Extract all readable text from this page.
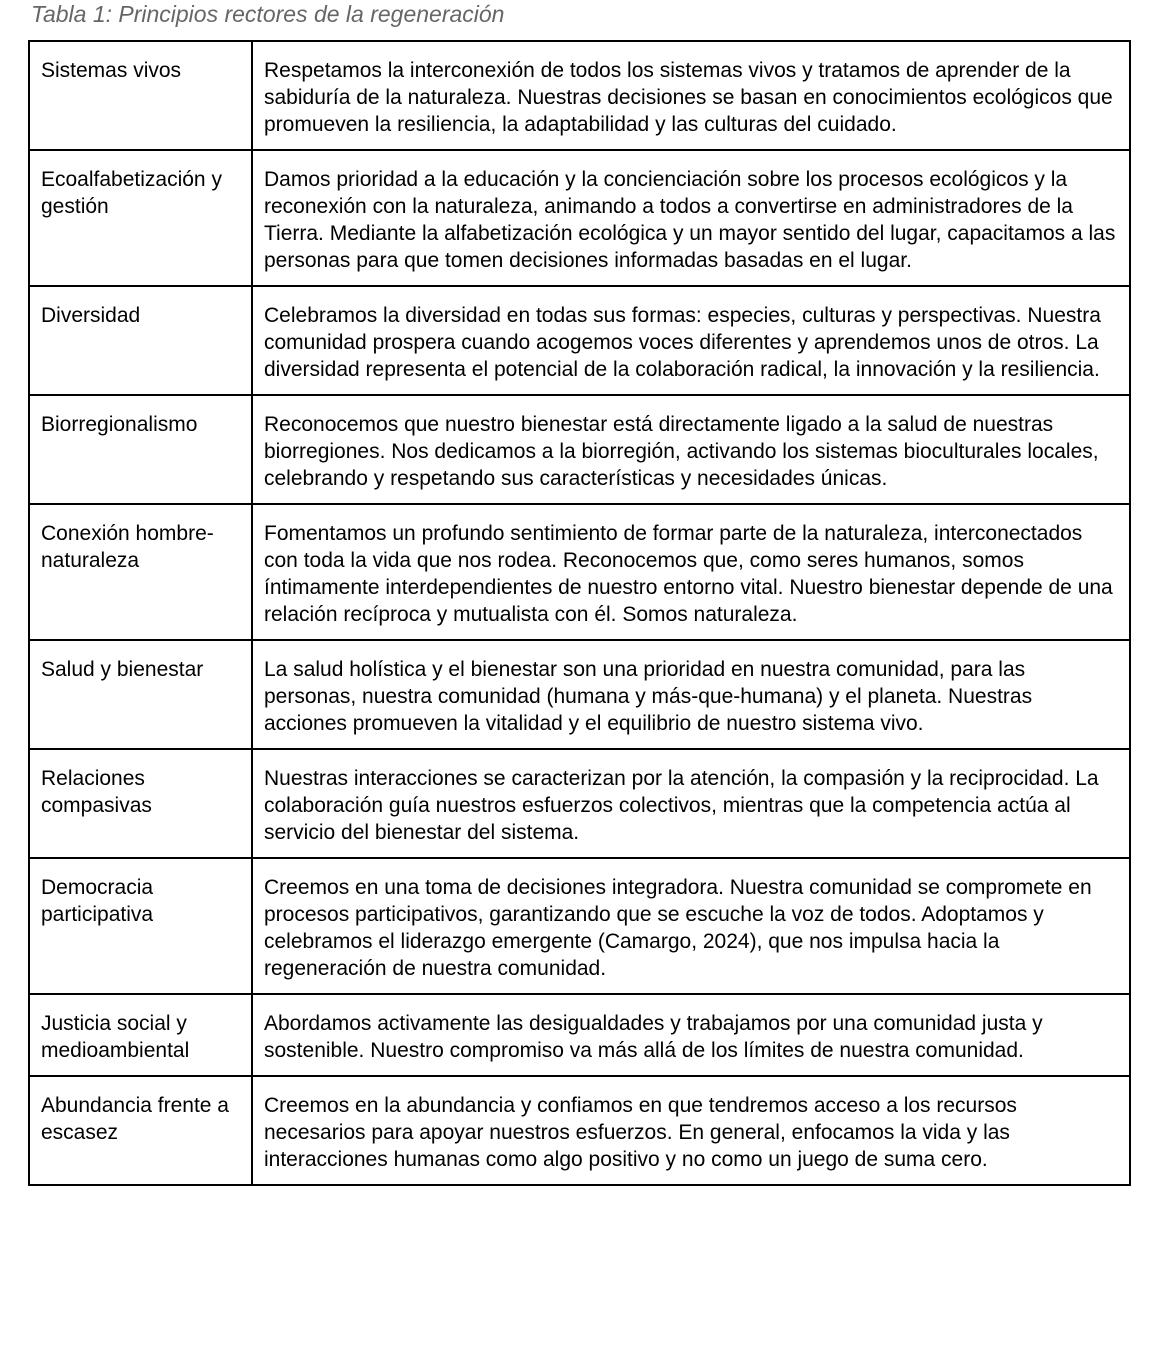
Tabla 1: Principios rectores de la regeneración
Sistemas vivos	Respetamos la interconexión de todos los sistemas vivos y tratamos de aprender de la sabiduría de la naturaleza. Nuestras decisiones se basan en conocimientos ecológicos que promueven la resiliencia, la adaptabilidad y las culturas del cuidado.
Ecoalfabetización y gestión	Damos prioridad a la educación y la concienciación sobre los procesos ecológicos y la reconexión con la naturaleza, animando a todos a convertirse en administradores de la Tierra. Mediante la alfabetización ecológica y un mayor sentido del lugar, capacitamos a las personas para que tomen decisiones informadas basadas en el lugar.
Diversidad	Celebramos la diversidad en todas sus formas: especies, culturas y perspectivas. Nuestra comunidad prospera cuando acogemos voces diferentes y aprendemos unos de otros. La diversidad representa el potencial de la colaboración radical, la innovación y la resiliencia.
Biorregionalismo	Reconocemos que nuestro bienestar está directamente ligado a la salud de nuestras biorregiones. Nos dedicamos a la biorregión, activando los sistemas bioculturales locales, celebrando y respetando sus características y necesidades únicas.
Conexión hombre-naturaleza	Fomentamos un profundo sentimiento de formar parte de la naturaleza, interconectados con toda la vida que nos rodea. Reconocemos que, como seres humanos, somos íntimamente interdependientes de nuestro entorno vital. Nuestro bienestar depende de una relación recíproca y mutualista con él. Somos naturaleza.
Salud y bienestar	La salud holística y el bienestar son una prioridad en nuestra comunidad, para las personas, nuestra comunidad (humana y más-que-humana) y el planeta. Nuestras acciones promueven la vitalidad y el equilibrio de nuestro sistema vivo.
Relaciones compasivas	Nuestras interacciones se caracterizan por la atención, la compasión y la reciprocidad. La colaboración guía nuestros esfuerzos colectivos, mientras que la competencia actúa al servicio del bienestar del sistema.
Democracia participativa	Creemos en una toma de decisiones integradora. Nuestra comunidad se compromete en procesos participativos, garantizando que se escuche la voz de todos. Adoptamos y celebramos el liderazgo emergente (Camargo, 2024), que nos impulsa hacia la regeneración de nuestra comunidad.
Justicia social y medioambiental	Abordamos activamente las desigualdades y trabajamos por una comunidad justa y sostenible. Nuestro compromiso va más allá de los límites de nuestra comunidad.
Abundancia frente a escasez	Creemos en la abundancia y confiamos en que tendremos acceso a los recursos necesarios para apoyar nuestros esfuerzos. En general, enfocamos la vida y las interacciones humanas como algo positivo y no como un juego de suma cero.
